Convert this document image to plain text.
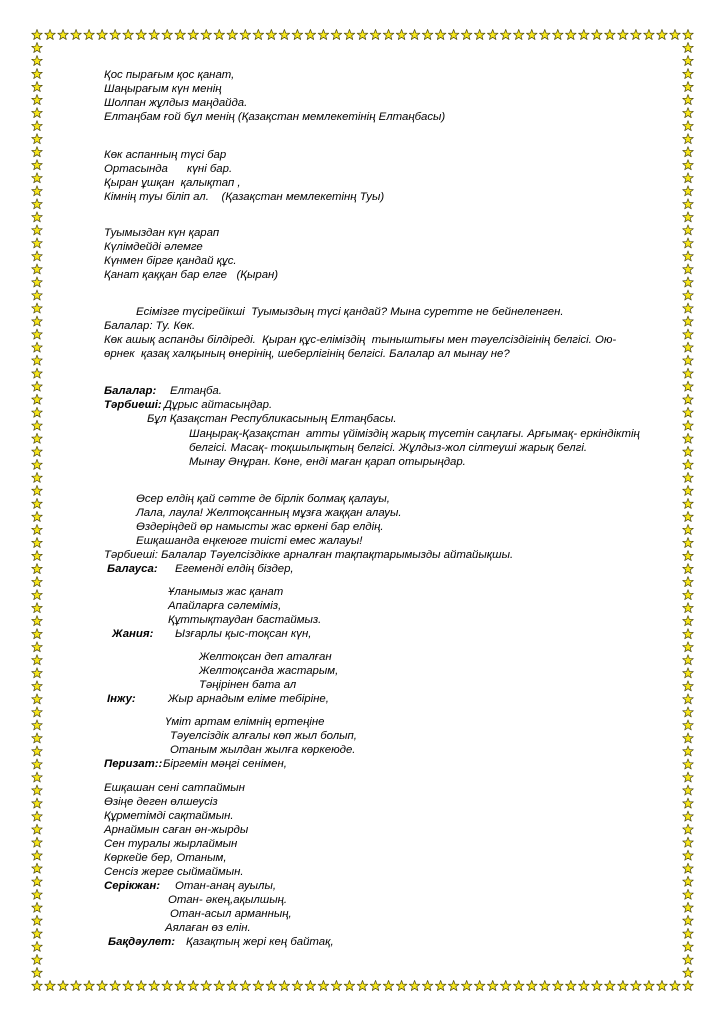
Қос пырағым қос қанат,
Шаңырағым күн менің
Шолпан жұлдыз маңдайда.
Елтаңбам ғой бұл менің (Қазақстан мемлекетінің Елтаңбасы)
Көк аспанның түсі бар
Ортасында      күні бар.
Қыран ұшқан  қалықтап ,
Кімнің туы біліп ал.    (Қазақстан мемлекетінң Туы)
Туымыздан күн қарап
Күлімдейді әлемге
Күнмен бірге қандай құс.
Қанат қаққан бар елге   (Қыран)
Есімізге түсірейікші  Туымыздың түсі қандай? Мына суретте не бейнеленген.
Балалар: Ту. Көк.
Көк ашық аспанды білдіреді.  Қыран құс-еліміздің  тыныштығы мен тәуелсіздігінің белгісі. Ою-
өрнек  қазақ халқының өнерінің, шеберлігінің белгісі. Балалар ал мынау не?
Балалар: Елтаңба.
Тәрбиеші: Дұрыс айтасыңдар.
Бұл Қазақстан Республикасының Елтаңбасы.
Шаңырақ-Қазақстан  атты үйіміздің жарық түсетін саңлағы. Арғымақ- еркіндіктің
белгісі. Масақ- тоқшылықтың белгісі. Жұлдыз-жол сілтеуші жарық белгі.
Мынау Әнұран. Көне, енді маған қарап отырыңдар.
Өсер елдің қай сәтте де бірлік болмақ қалауы,
Лала, лаула! Желтоқсанның мұзға жаққан алауы.
Өздеріңдей өр намысты жас өркені бар елдің.
Ешқашанда еңкеюге тиісті емес жалауы!
Тәрбиеші: Балалар Тәуелсіздікке арналған тақпақтарымызды айтайықшы.
Балауса: Егеменді елдің біздер,
Ұланымыз жас қанат
Апайларға сәлеміміз,
Құттықтаудан бастаймыз.
Жания: Ызғарлы қыс-тоқсан күн,
Желтоқсан деп аталған
Желтоқсанда жастарым,
Тәңірінен бата ал
Інжу:	Жыр арнадым еліме тебіріне,
Үміт артам елімнің ертеңіне
Тәуелсіздік алғалы көп жыл болып,
Отаным жылдан жылға көркеюде.
Перизат:: Біргемін мәңгі сенімен,
Ешқашан сені сатпаймын
Өзіңе деген өлшеусіз
Құрметімді сақтаймын.
Арнаймын саған ән-жырды
Сен туралы жырлаймын
Көркейе бер, Отаным,
Сенсіз жерге сыймаймын.
Серікжан: Отан-анаң ауылы,
Отан- әкең,ақылшың.
Отан-асыл арманның,
Аялаған өз елін.
Бақдәулет: Қазақтың жері кең байтақ,
